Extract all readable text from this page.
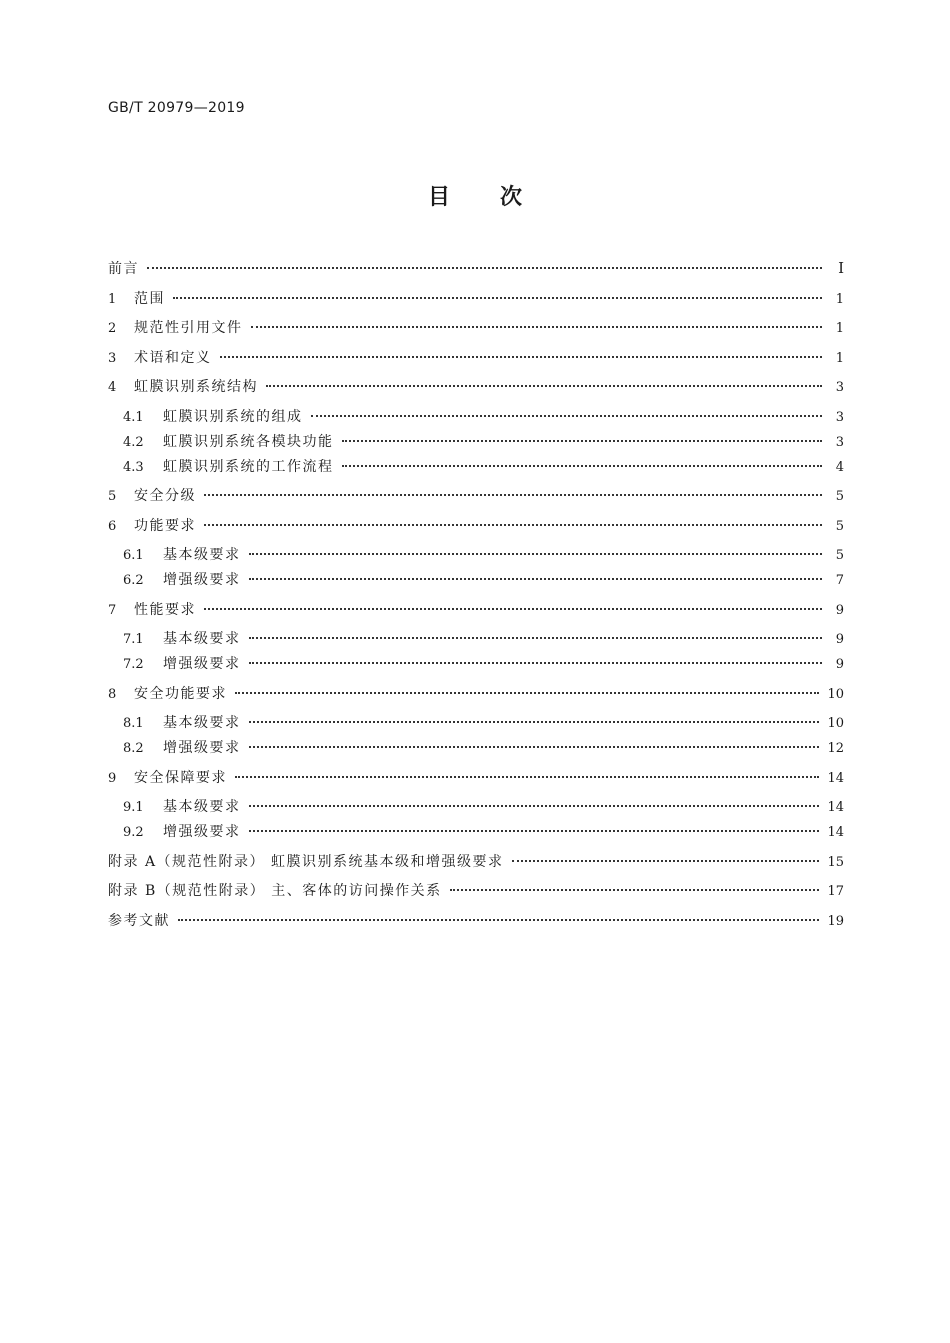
GB/T 20979—2019
目次
前言	Ⅰ
1	范围	1
2	规范性引用文件	1
3	术语和定义	1
4	虹膜识别系统结构	3
4.1	虹膜识别系统的组成	3
4.2	虹膜识别系统各模块功能	3
4.3	虹膜识别系统的工作流程	4
5	安全分级	5
6	功能要求	5
6.1	基本级要求	5
6.2	增强级要求	7
7	性能要求	9
7.1	基本级要求	9
7.2	增强级要求	9
8	安全功能要求	10
8.1	基本级要求	10
8.2	增强级要求	12
9	安全保障要求	14
9.1	基本级要求	14
9.2	增强级要求	14
附录 A（规范性附录） 虹膜识别系统基本级和增强级要求	15
附录 B（规范性附录） 主、客体的访问操作关系	17
参考文献	19
